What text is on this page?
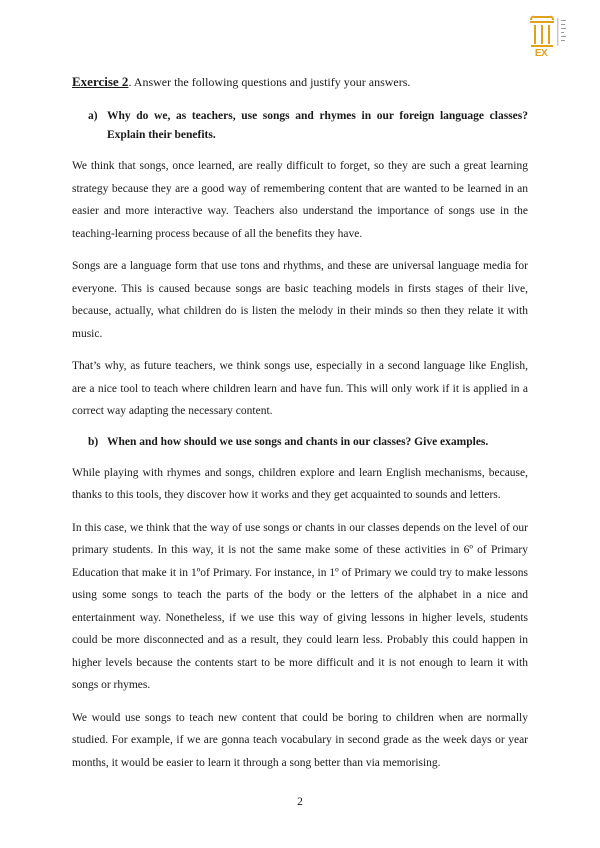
EX
Exercise 2. Answer the following questions and justify your answers.
a) Why do we, as teachers, use songs and rhymes in our foreign language classes? Explain their benefits.

We think that songs, once learned, are really difficult to forget, so they are such a great learning strategy because they are a good way of remembering content that are wanted to be learned in an easier and more interactive way. Teachers also understand the importance of songs use in the teaching-learning process because of all the benefits they have.

Songs are a language form that use tons and rhythms, and these are universal language media for everyone. This is caused because songs are basic teaching models in firsts stages of their live, because, actually, what children do is listen the melody in their minds so then they relate it with music.

That’s why, as future teachers, we think songs use, especially in a second language like English, are a nice tool to teach where children learn and have fun. This will only work if it is applied in a correct way adapting the necessary content.

b) When and how should we use songs and chants in our classes? Give examples.

While playing with rhymes and songs, children explore and learn English mechanisms, because, thanks to this tools, they discover how it works and they get acquainted to sounds and letters.

In this case, we think that the way of use songs or chants in our classes depends on the level of our primary students. In this way, it is not the same make some of these activities in 6º of Primary Education that make it in 1ºof Primary. For instance, in 1º of Primary we could try to make lessons using some songs to teach the parts of the body or the letters of the alphabet in a nice and entertainment way. Nonetheless, if we use this way of giving lessons in higher levels, students could be more disconnected and as a result, they could learn less. Probably this could happen in higher levels because the contents start to be more difficult and it is not enough to learn it with songs or rhymes.

We would use songs to teach new content that could be boring to children when are normally studied. For example, if we are gonna teach vocabulary in second grade as the week days or year months, it would be easier to learn it through a song better than via memorising.

2
